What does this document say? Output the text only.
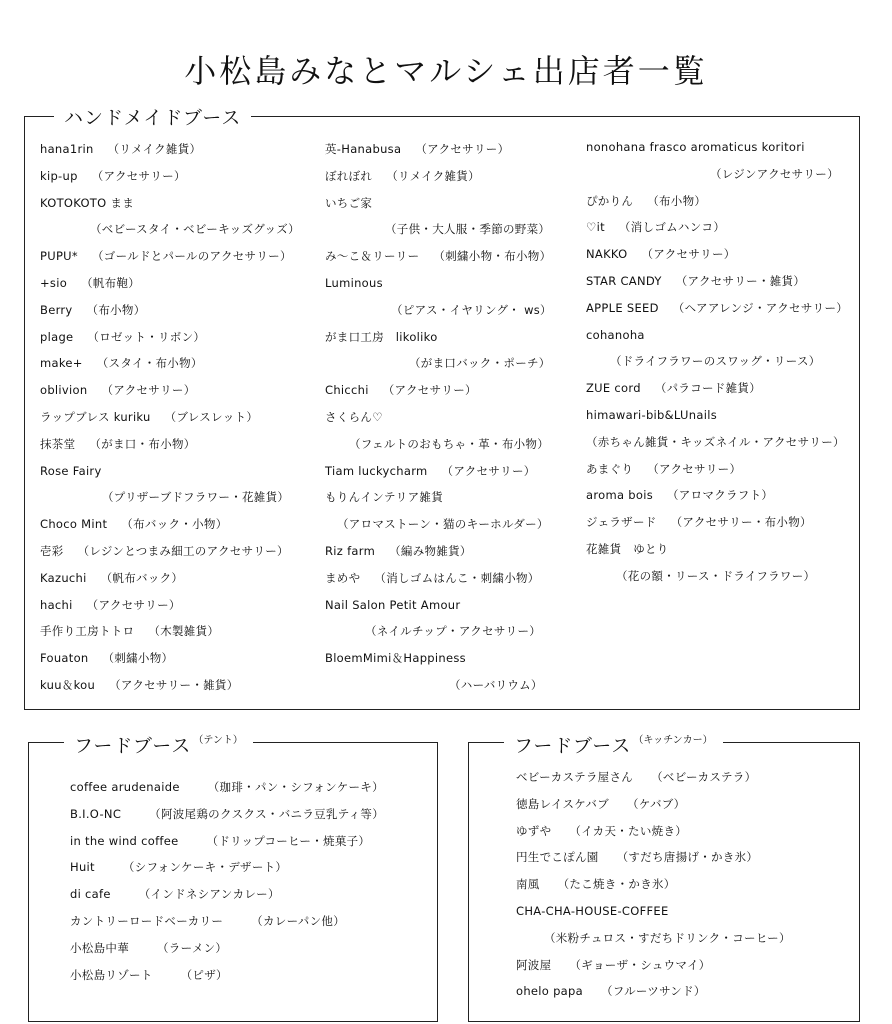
小松島みなとマルシェ出店者一覧
ハンドメイドブース
hana1rin （リメイク雑貨）
kip-up （アクセサリー）
KOTOKOTO まま
（ベビースタイ・ベビーキッズグッズ）
PUPU* （ゴールドとパールのアクセサリー）
+sio （帆布鞄）
Berry （布小物）
plage （ロゼット・リボン）
make+ （スタイ・布小物）
oblivion （アクセサリー）
ラップブレス kuriku （ブレスレット）
抹茶堂 （がま口・布小物）
Rose Fairy
（プリザーブドフラワー・花雑貨）
Choco Mint （布バック・小物）
壱彩 （レジンとつまみ細工のアクセサリー）
Kazuchi （帆布バック）
hachi （アクセサリー）
手作り工房トトロ （木製雑貨）
Fouaton （刺繍小物）
kuu＆kou （アクセサリー・雑貨）
英-Hanabusa （アクセサリー）
ぼれぼれ （リメイク雑貨）
いちご家
（子供・大人服・季節の野菜）
み～こ＆リーリー （刺繍小物・布小物）
Luminous
（ピアス・イヤリング・ ws）
がま口工房　likoliko
（がま口バック・ポーチ）
Chicchi （アクセサリー）
さくらん♡
（フェルトのおもちゃ・革・布小物）
Tiam luckycharm （アクセサリー）
もりんインテリア雑貨
（アロマストーン・猫のキーホルダー）
Riz farm （編み物雑貨）
まめや （消しゴムはんこ・刺繍小物）
Nail Salon Petit Amour
（ネイルチップ・アクセサリー）
BloemMimi＆Happiness
（ハーバリウム）
nonohana frasco aromaticus koritori
（レジンアクセサリー）
ぴかりん （布小物）
♡it （消しゴムハンコ）
NAKKO （アクセサリー）
STAR CANDY （アクセサリー・雑貨）
APPLE SEED （ヘアアレンジ・アクセサリー）
cohanoha
（ドライフラワーのスワッグ・リース）
ZUE cord （パラコード雑貨）
himawari-bib&LUnails
（赤ちゃん雑貨・キッズネイル・アクセサリー）
あまぐり （アクセサリー）
aroma bois （アロマクラフト）
ジェラザード （アクセサリー・布小物）
花雑貨　ゆとり
（花の額・リース・ドライフラワー）
フードブース $^{(テント)}$
coffee arudenaide （珈琲・パン・シフォンケーキ）
B.I.O-NC （阿波尾鶏のクスクス・バニラ豆乳ティ等）
in the wind coffee （ドリップコーヒー・焼菓子）
Huit （シフォンケーキ・デザート）
di cafe （インドネシアンカレー）
カントリーロードベーカリー （カレーパン他）
小松島中華 （ラーメン）
小松島リゾート （ピザ）
フードブース $^{(キッチンカー)}$
ベビーカステラ屋さん （ベビーカステラ）
徳島レイスケバブ （ケバブ）
ゆずや （イカ天・たい焼き）
円生でこぽん園 （すだち唐揚げ・かき氷）
南風 （たこ焼き・かき氷）
CHA-CHA-HOUSE-COFFEE
（米粉チュロス・すだちドリンク・コーヒー）
阿波屋 （ギョーザ・シュウマイ）
ohelo papa （フルーツサンド）
